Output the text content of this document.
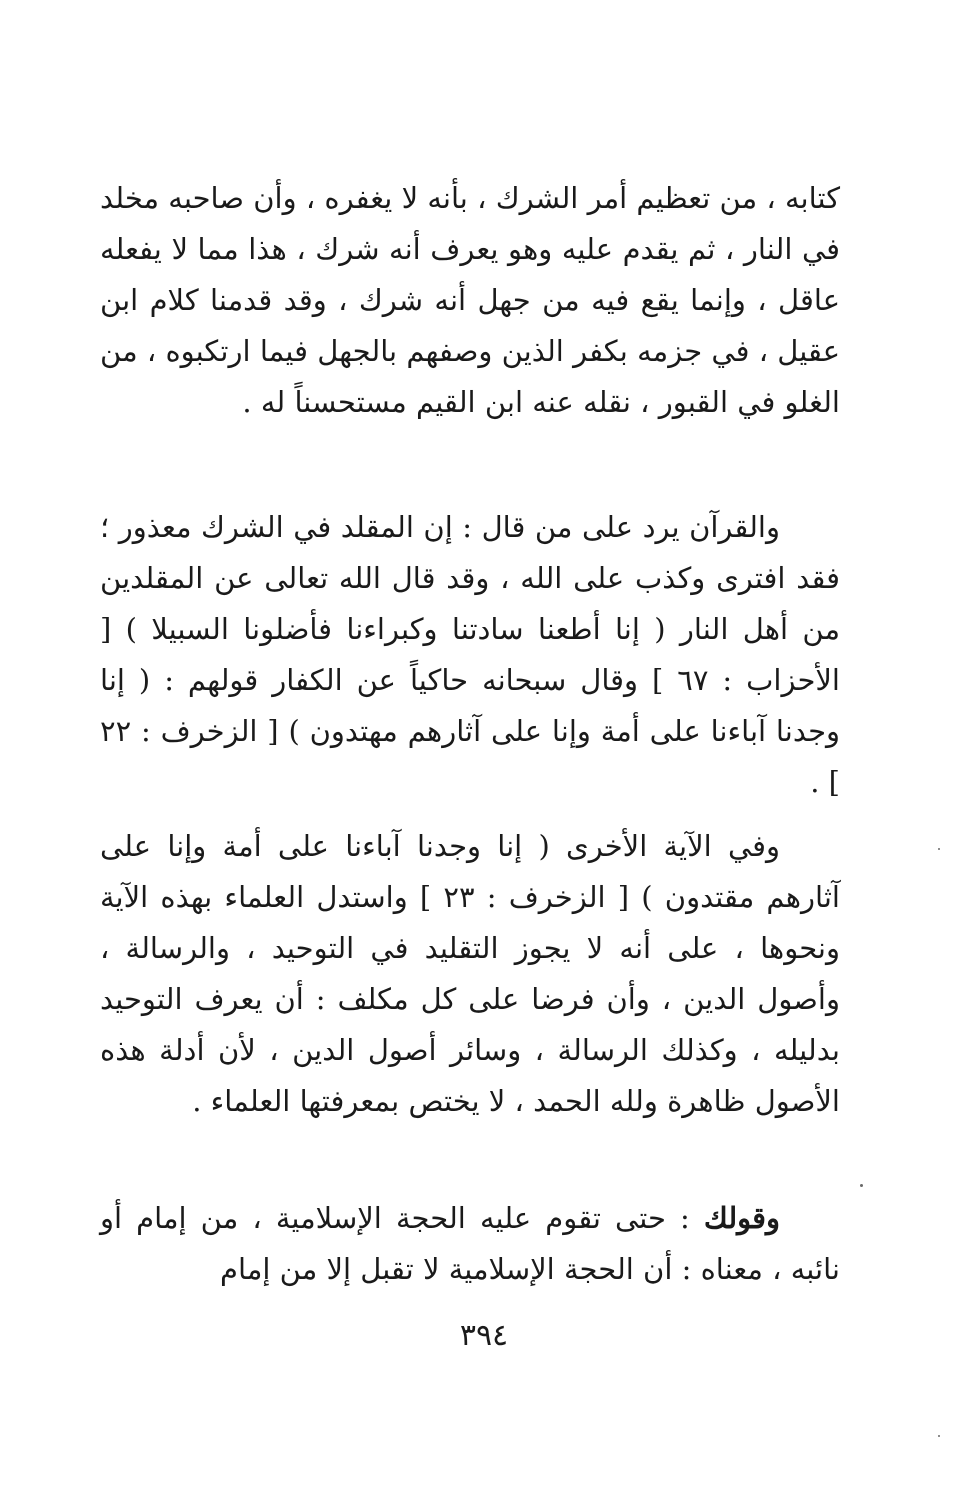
كتابه ، من تعظيم أمر الشرك ، بأنه لا يغفره ، وأن صاحبه مخلد في النار ، ثم يقدم عليه وهو يعرف أنه شرك ، هذا مما لا يفعله عاقل ، وإنما يقع فيه من جهل أنه شرك ، وقد قدمنا كلام ابن عقيل ، في جزمه بكفر الذين وصفهم بالجهل فيما ارتكبوه ، من الغلو في القبور ، نقله عنه ابن القيم مستحسناً له .

والقرآن يرد على من قال : إن المقلد في الشرك معذور ؛ فقد افترى وكذب على الله ، وقد قال الله تعالى عن المقلدين من أهل النار ( إنا أطعنا سادتنا وكبراءنا فأضلونا السبيلا ) [ الأحزاب : ٦٧ ] وقال سبحانه حاكياً عن الكفار قولهم : ( إنا وجدنا آباءنا على أمة وإنا على آثارهم مهتدون ) [ الزخرف : ٢٢ ] .

وفي الآية الأخرى ( إنا وجدنا آباءنا على أمة وإنا على آثارهم مقتدون ) [ الزخرف : ٢٣ ] واستدل العلماء بهذه الآية ونحوها ، على أنه لا يجوز التقليد في التوحيد ، والرسالة ، وأصول الدين ، وأن فرضا على كل مكلف : أن يعرف التوحيد بدليله ، وكذلك الرسالة ، وسائر أصول الدين ، لأن أدلة هذه الأصول ظاهرة ولله الحمد ، لا يختص بمعرفتها العلماء .

وقولك : حتى تقوم عليه الحجة الإسلامية ، من إمام أو نائبه ، معناه : أن الحجة الإسلامية لا تقبل إلا من إمام

٣٩٤
